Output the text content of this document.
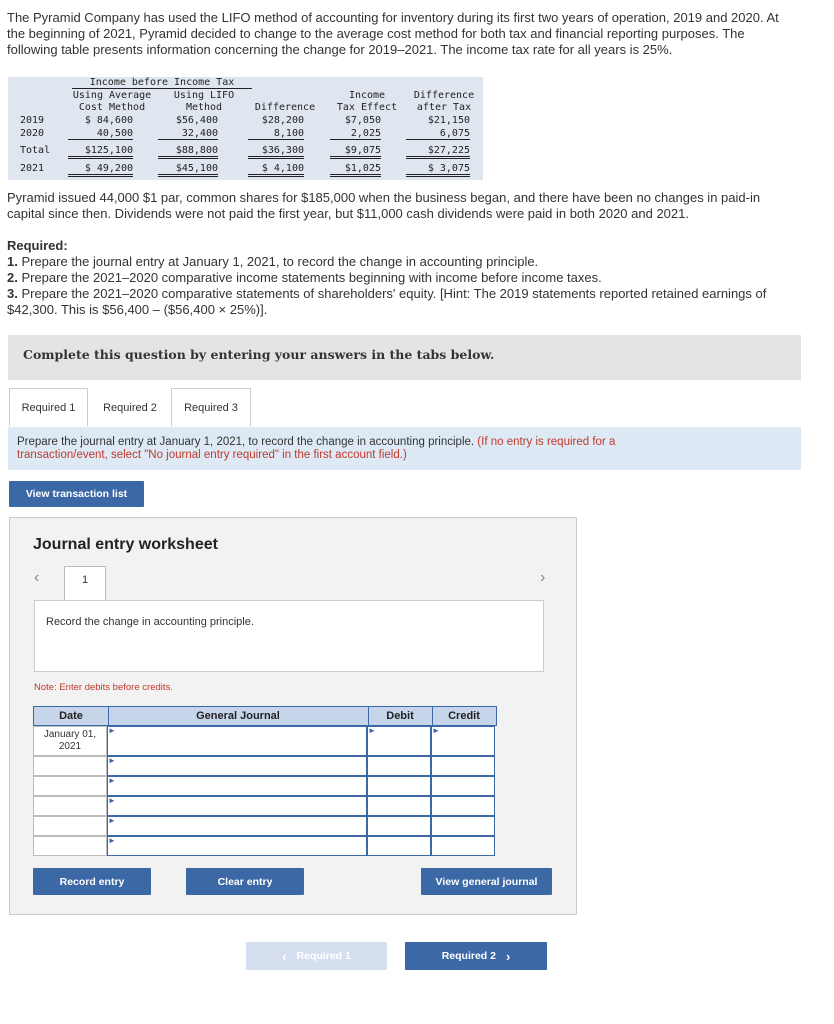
The Pyramid Company has used the LIFO method of accounting for inventory during its first two years of operation, 2019 and 2020. At
the beginning of 2021, Pyramid decided to change to the average cost method for both tax and financial reporting purposes. The
following table presents information concerning the change for 2019–2021. The income tax rate for all years is 25%.
Income before Income Tax
Using Average
Cost Method
Using LIFO
Method	Difference
Income
Tax Effect
Difference
after Tax
2019	$ 84,600	$56,400	$28,200	$7,050	$21,150
2020	40,500	32,400	8,100	2,025	6,075
Total	$125,100	$88,800	$36,300	$9,075	$27,225
2021	$ 49,200	$45,100	$ 4,100	$1,025	$ 3,075
Pyramid issued 44,000 $1 par, common shares for $185,000 when the business began, and there have been no changes in paid-in
capital since then. Dividends were not paid the first year, but $11,000 cash dividends were paid in both 2020 and 2021.
Required:
1. Prepare the journal entry at January 1, 2021, to record the change in accounting principle.
2. Prepare the 2021–2020 comparative income statements beginning with income before income taxes.
3. Prepare the 2021–2020 comparative statements of shareholders' equity. [Hint: The 2019 statements reported retained earnings of
$42,300. This is $56,400 – ($56,400 × 25%)].
Complete this question by entering your answers in the tabs below.
Required 1	Required 2 Required 3
Prepare the journal entry at January 1, 2021, to record the change in accounting principle. (If no entry is required for a
transaction/event, select "No journal entry required" in the first account field.)
View transaction list
Journal entry worksheet
‹	1	›
Record the change in accounting principle.
Note: Enter debits before credits.
Date	General Journal	Debit	Credit
January 01,
2021
►	►	►
►
►
►
►
►
Record entry	Clear entry	View general journal
‹ Required 1	Required 2 ›
